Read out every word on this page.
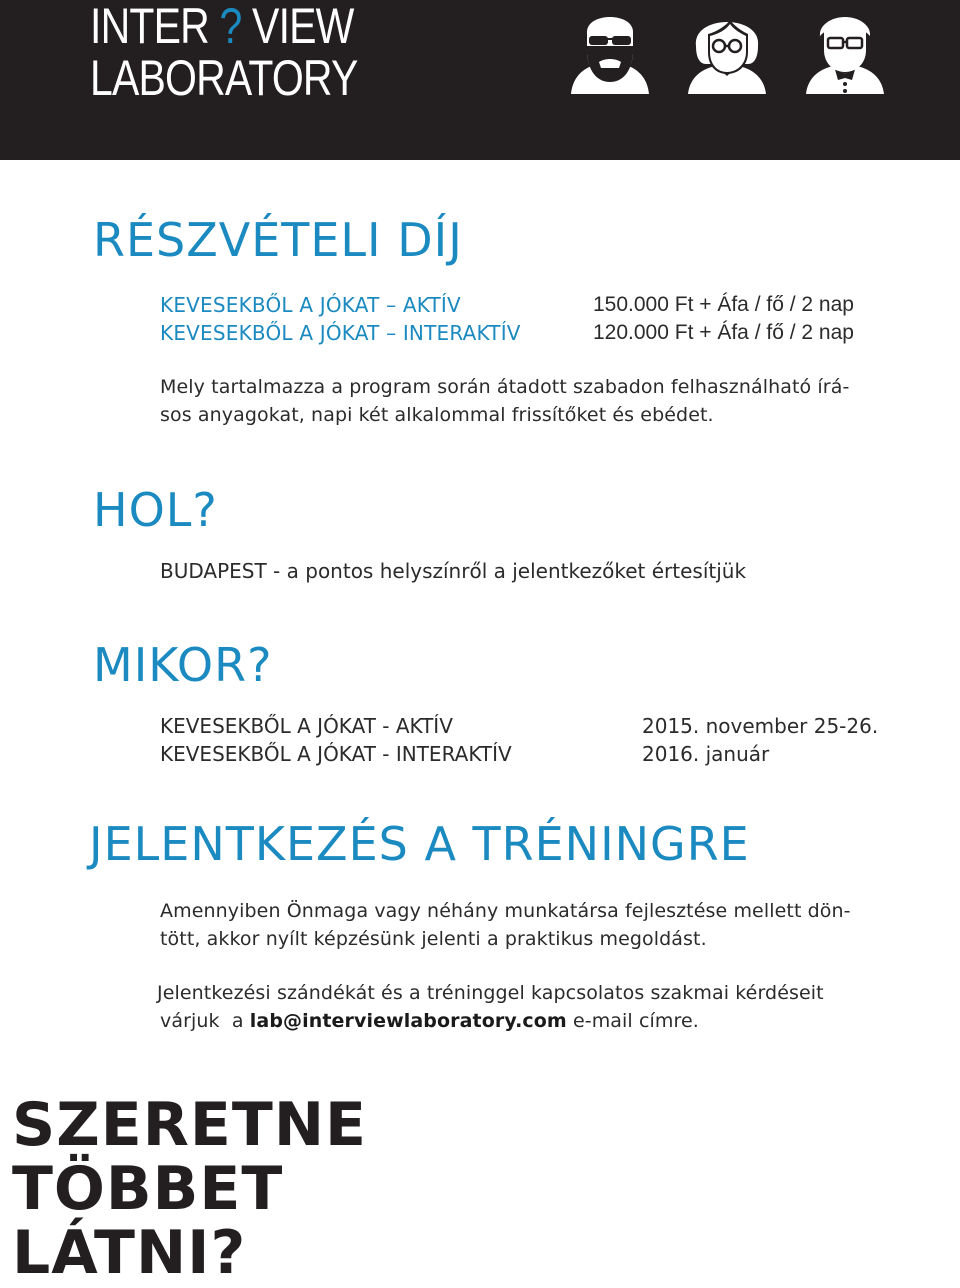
INTER ? VIEW
LABORATORY
RÉSZVÉTELI DÍJ
KEVESEKBŐL A JÓKAT – AKTÍV
KEVESEKBŐL A JÓKAT – INTERAKTÍV
150.000 Ft + Áfa / fő / 2 nap
120.000 Ft + Áfa / fő / 2 nap
Mely tartalmazza a program során átadott szabadon felhasználható írá-
sos anyagokat, napi két alkalommal frissítőket és ebédet.
HOL?
BUDAPEST - a pontos helyszínről a jelentkezőket értesítjük
MIKOR?
KEVESEKBŐL A JÓKAT - AKTÍV
KEVESEKBŐL A JÓKAT - INTERAKTÍV
2015. november 25-26.
2016. január
JELENTKEZÉS A TRÉNINGRE
Amennyiben Önmaga vagy néhány munkatársa fejlesztése mellett dön-
tött, akkor nyílt képzésünk jelenti a praktikus megoldást.
Jelentkezési szándékát és a tréninggel kapcsolatos szakmai kérdéseit
várjuk  a lab@interviewlaboratory.com e-mail címre.
SZERETNE
TÖBBET
LÁTNI?
